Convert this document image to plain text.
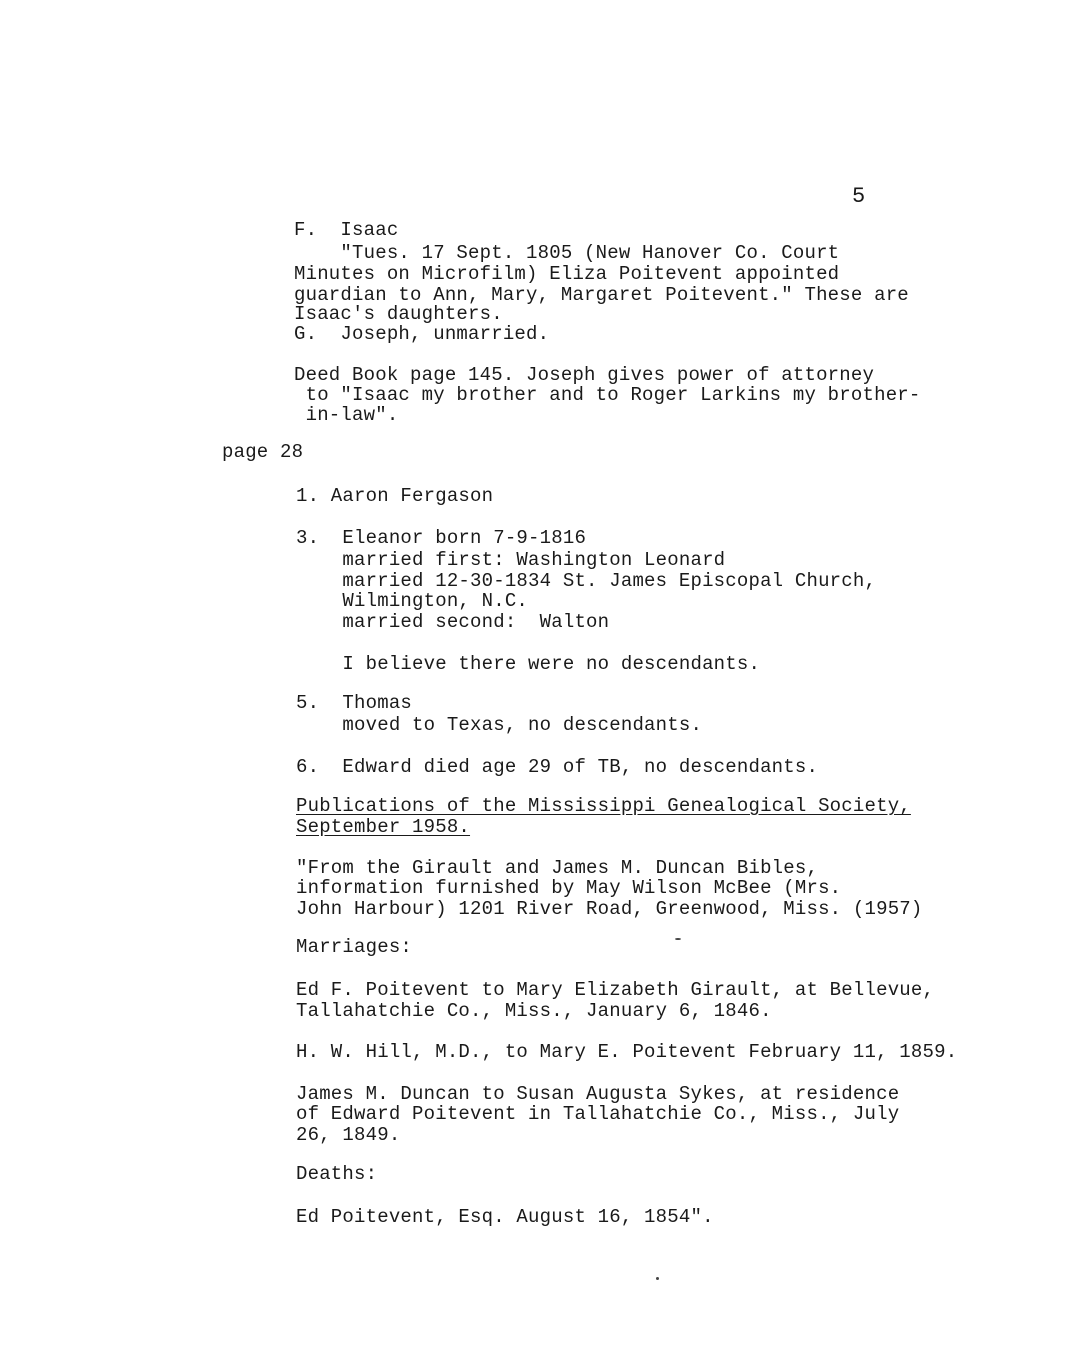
5
F.  Isaac
"Tues. 17 Sept. 1805 (New Hanover Co. Court
Minutes on Microfilm) Eliza Poitevent appointed
guardian to Ann, Mary, Margaret Poitevent." These are
Isaac's daughters.
G.  Joseph, unmarried.
Deed Book page 145. Joseph gives power of attorney
to "Isaac my brother and to Roger Larkins my brother-
in-law".
page 28
1. Aaron Fergason
3.  Eleanor born 7-9-1816
married first: Washington Leonard
married 12-30-1834 St. James Episcopal Church,
Wilmington, N.C.
married second:  Walton
I believe there were no descendants.
5.  Thomas
moved to Texas, no descendants.
6.  Edward died age 29 of TB, no descendants.
Publications of the Mississippi Genealogical Society,
September 1958.
"From the Girault and James M. Duncan Bibles,
information furnished by May Wilson McBee (Mrs.
John Harbour) 1201 River Road, Greenwood, Miss. (1957)
Marriages:
Ed F. Poitevent to Mary Elizabeth Girault, at Bellevue,
Tallahatchie Co., Miss., January 6, 1846.
H. W. Hill, M.D., to Mary E. Poitevent February 11, 1859.
James M. Duncan to Susan Augusta Sykes, at residence
of Edward Poitevent in Tallahatchie Co., Miss., July
26, 1849.
Deaths:
Ed Poitevent, Esq. August 16, 1854".
